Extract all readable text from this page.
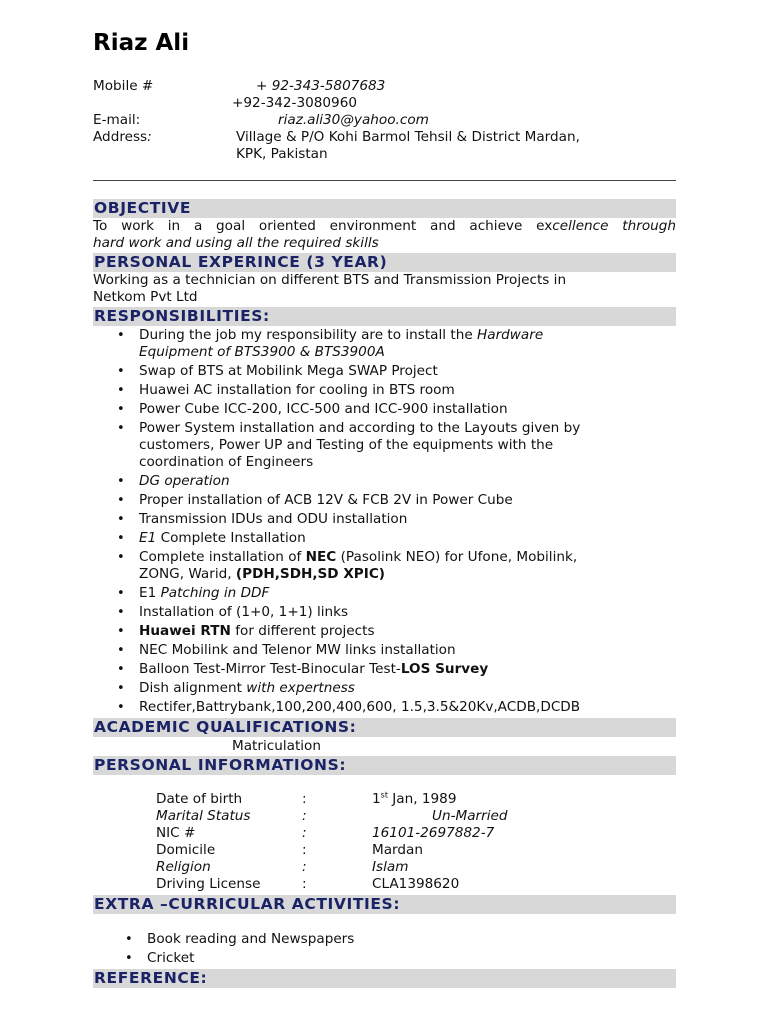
Riaz Ali
Mobile #	+ 92-343-5807683
+92-342-3080960
E-mail:	riaz.ali30@yahoo.com
Address:	Village & P/O Kohi Barmol Tehsil & District Mardan,
KPK, Pakistan
OBJECTIVE
To work in a goal oriented environment and achieve excellence through
hard work and using all the required skills
PERSONAL EXPERINCE (3 YEAR)
Working as a technician on different BTS and Transmission Projects in
Netkom Pvt Ltd
RESPONSIBILITIES:
• During the job my responsibility are to install the Hardware
Equipment of BTS3900 & BTS3900A
• Swap of BTS at Mobilink Mega SWAP Project
• Huawei AC installation for cooling in BTS room
• Power Cube ICC-200, ICC-500 and ICC-900 installation
• Power System installation and according to the Layouts given by
customers, Power UP and Testing of the equipments with the
coordination of Engineers
• DG operation
• Proper installation of ACB 12V & FCB 2V in Power Cube
• Transmission IDUs and ODU installation
• E1 Complete Installation
• Complete installation of NEC (Pasolink NEO) for Ufone, Mobilink,
ZONG, Warid, (PDH,SDH,SD XPIC)
• E1 Patching in DDF
• Installation of (1+0, 1+1) links
• Huawei RTN for different projects
• NEC Mobilink and Telenor MW links installation
• Balloon Test-Mirror Test-Binocular Test-LOS Survey
• Dish alignment with expertness
• Rectifer,Battrybank,100,200,400,600, 1.5,3.5&20Kv,ACDB,DCDB
ACADEMIC QUALIFICATIONS:
Matriculation
PERSONAL INFORMATIONS:
Date of birth	:	1st Jan, 1989
Marital Status	:	Un-Married
NIC #	:	16101-2697882-7
Domicile	:	Mardan
Religion	:	Islam
Driving License	:	CLA1398620
EXTRA –CURRICULAR ACTIVITIES:
• Book reading and Newspapers
• Cricket
REFERENCE:
